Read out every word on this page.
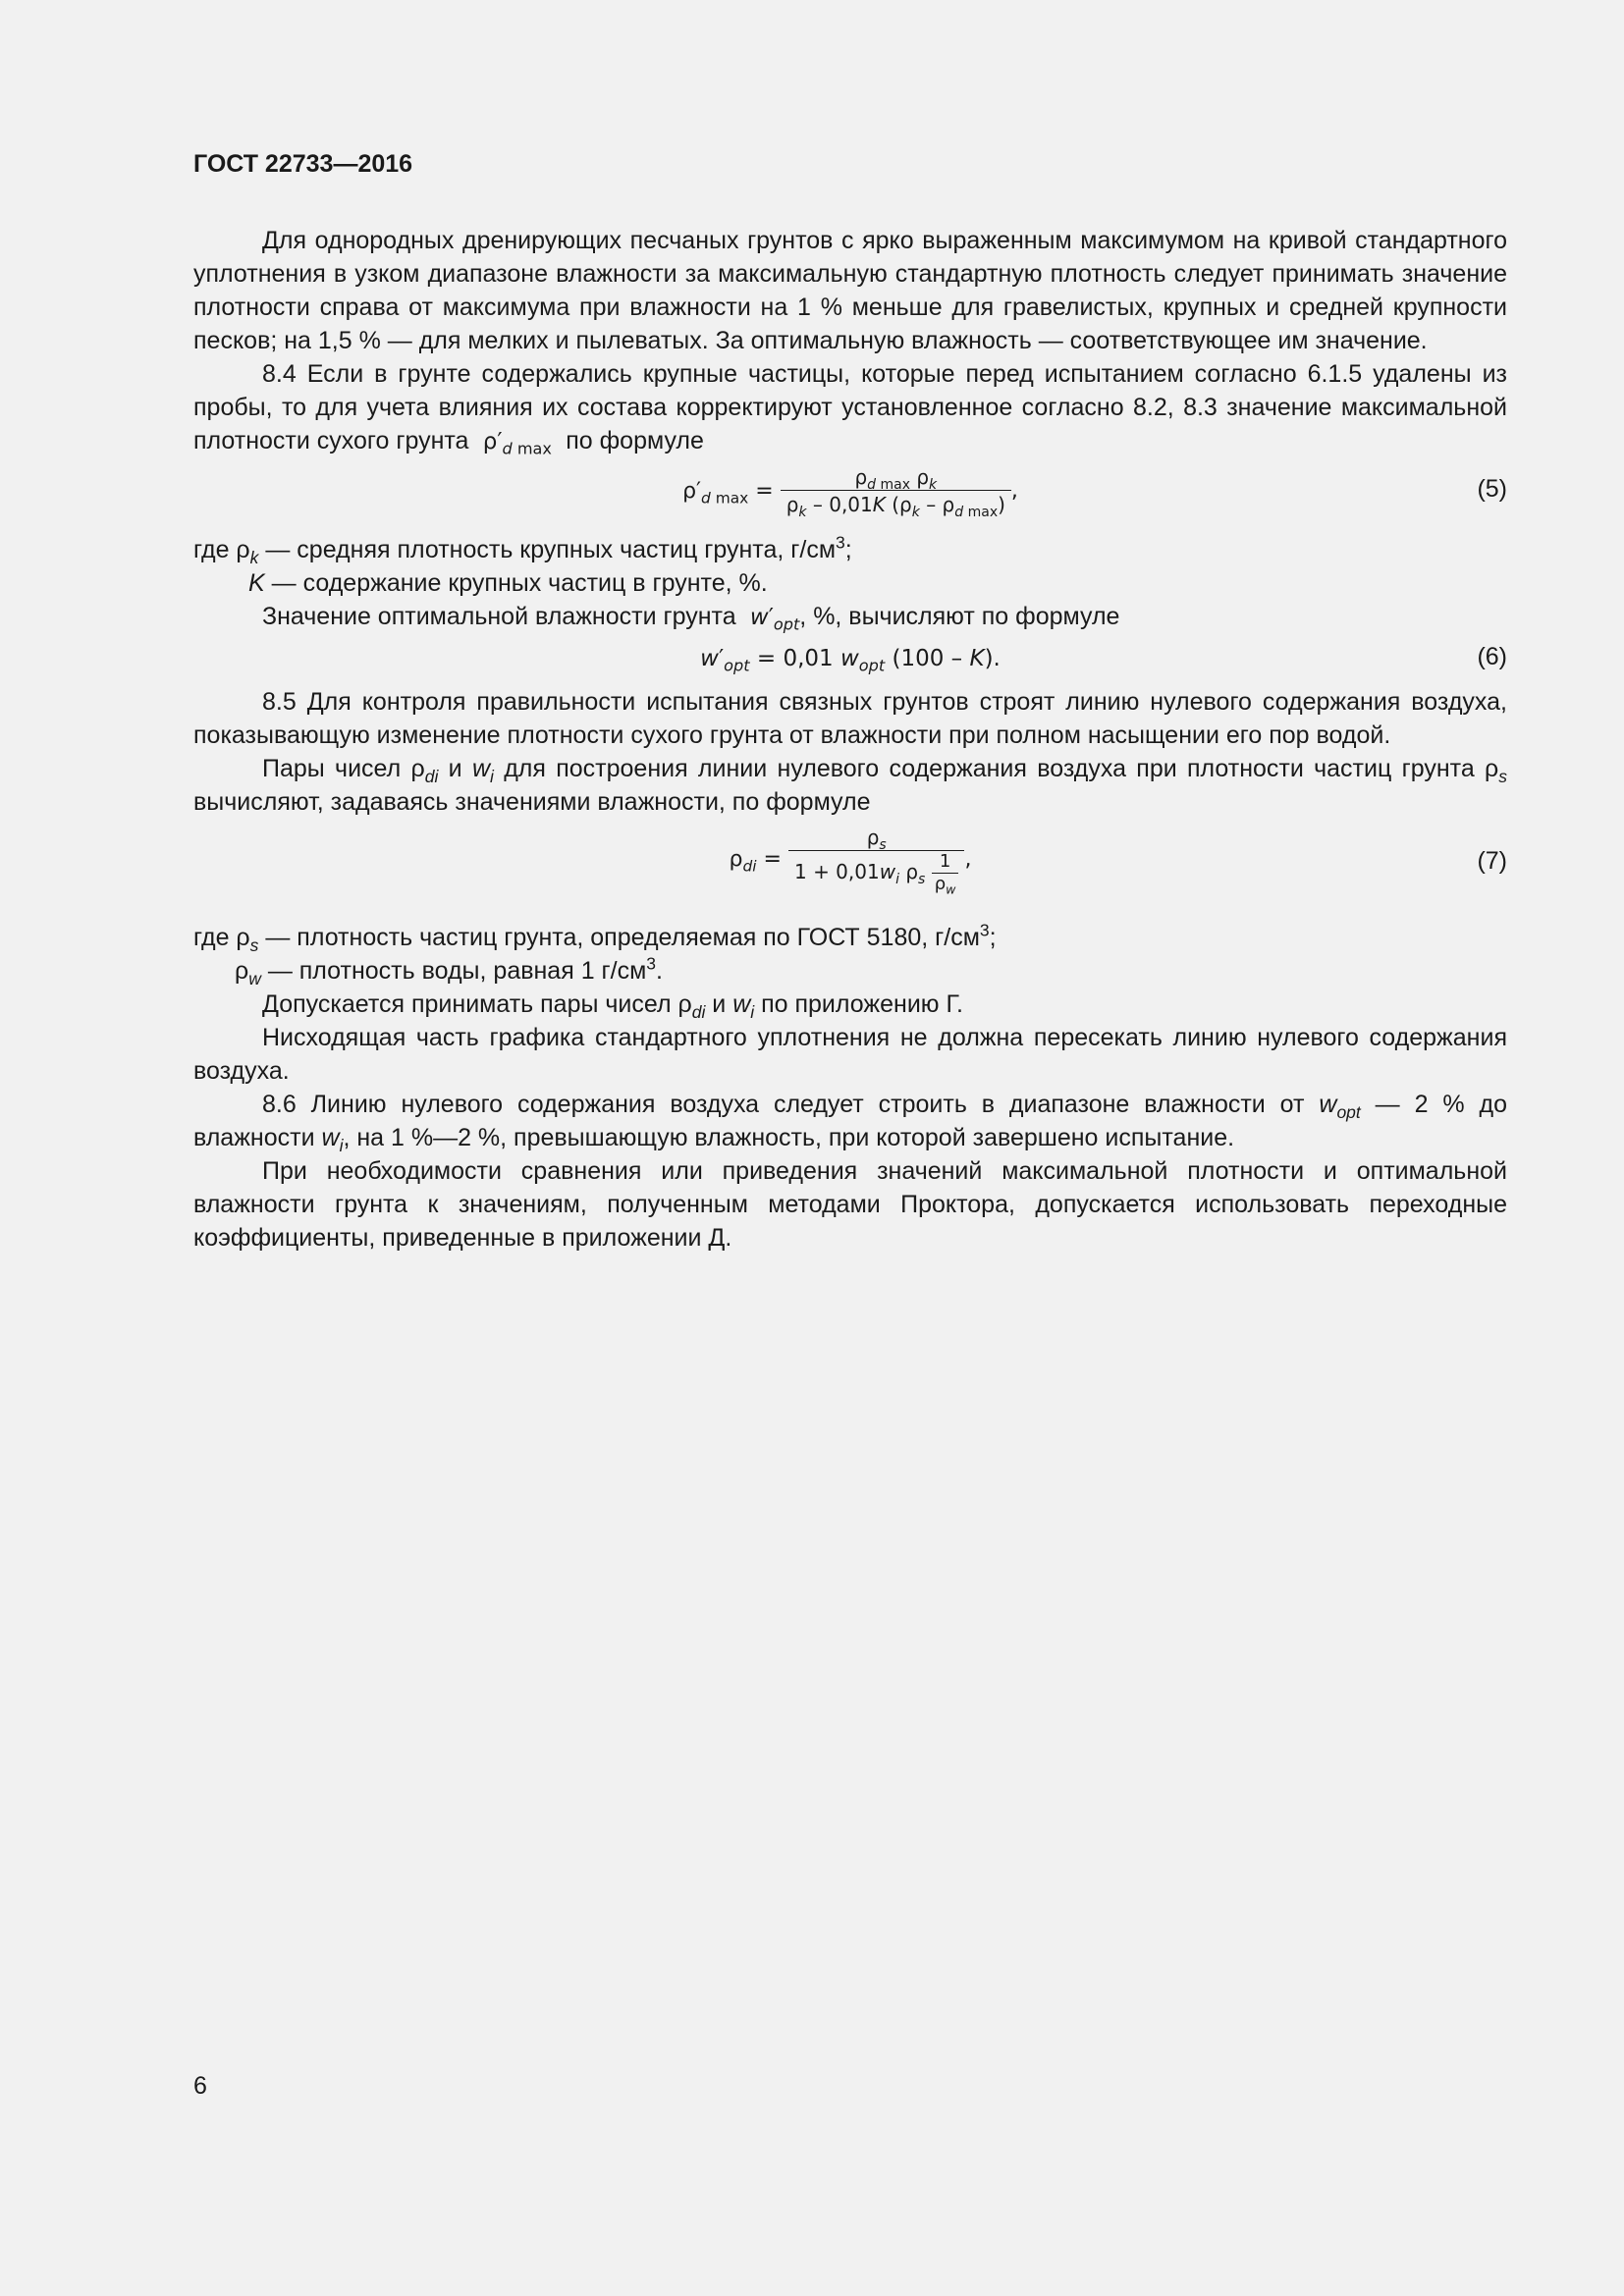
ГОСТ 22733—2016

Для однородных дренирующих песчаных грунтов с ярко выраженным максимумом на кривой стандартного уплотнения в узком диапазоне влажности за максимальную стандартную плотность следует принимать значение плотности справа от максимума при влажности на 1 % меньше для гравелистых, крупных и средней крупности песков; на 1,5 % — для мелких и пылеватых. За оптимальную влажность — соответствующее им значение.

8.4 Если в грунте содержались крупные частицы, которые перед испытанием согласно 6.1.5 удалены из пробы, то для учета влияния их состава корректируют установленное согласно 8.2, 8.3 значение максимальной плотности сухого грунта  $\rho'_{d max}$ по формуле

$\rho'_{d max} = \frac{\rho_{d max} \rho_k}{\rho_k - 0,01K (\rho_k - \rho_{d max})}$ ,	(5)

где $\rho_k$ — средняя плотность крупных частиц грунта, $г/см^3$;

K — содержание крупных частиц в грунте, %.

Значение оптимальной влажности грунта $w'_{opt}$, %, вычисляют по формуле

$w'_{opt} = 0,01$ $w_{opt}$ (100 – K).	(6)

8.5 Для контроля правильности испытания связных грунтов строят линию нулевого содержания воздуха, показывающую изменение плотности сухого грунта от влажности при полном насыщении его пор водой.

Пары чисел $\rho_{di}$ и $w_i$ для построения линии нулевого содержания воздуха при плотности частиц грунта $\rho_s$ вычисляют, задаваясь значениями влажности, по формуле

$\rho_{di} = \frac{\rho_s}{1 + 0,01w_i \rho_s \frac{1}{\rho_w}}$ ,	(7)

где $\rho_s$ — плотность частиц грунта, определяемая по ГОСТ 5180, $г/см^3$;

$\rho_w$ — плотность воды, равная 1 $г/см^3$.

Допускается принимать пары чисел $\rho_{di}$ и $w_i$ по приложению Г.

Нисходящая часть графика стандартного уплотнения не должна пересекать линию нулевого содержания воздуха.

8.6 Линию нулевого содержания воздуха следует строить в диапазоне влажности от $w_{opt}$ — 2 % до влажности $w_i$, на 1 %—2 %, превышающую влажность, при которой завершено испытание.

При необходимости сравнения или приведения значений максимальной плотности и оптимальной влажности грунта к значениям, полученным методами Проктора, допускается использовать переходные коэффициенты, приведенные в приложении Д.

6
